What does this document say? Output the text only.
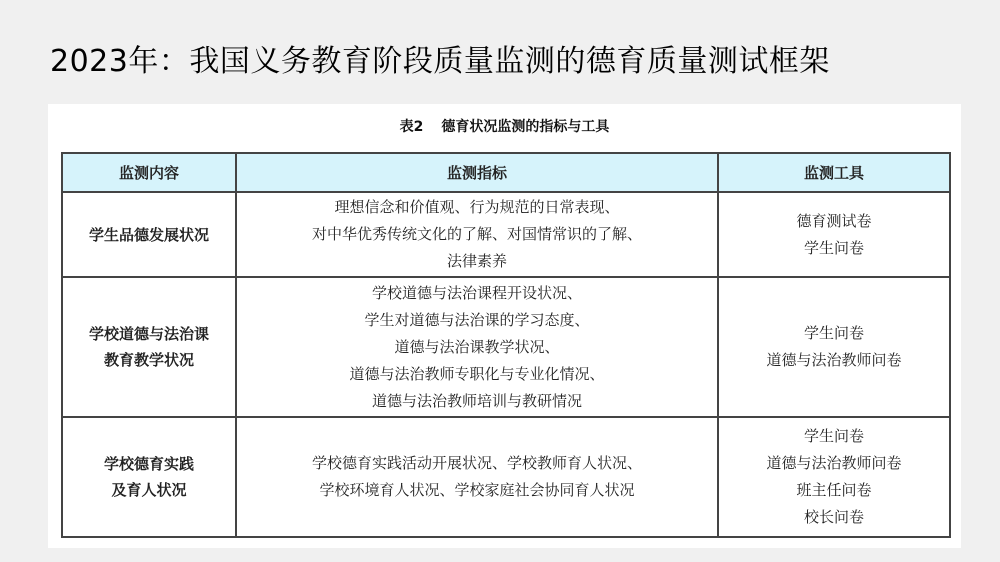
2023年：我国义务教育阶段质量监测的德育质量测试框架
表2 德育状况监测的指标与工具
监测内容	监测指标	监测工具

学生品德发展状况	理想信念和价值观、行为规范的日常表现、
对中华优秀传统文化的了解、对国情常识的了解、
法律素养	德育测试卷
学生问卷

学校道德与法治课
教育教学状况	学校道德与法治课程开设状况、
学生对道德与法治课的学习态度、
道德与法治课教学状况、
道德与法治教师专职化与专业化情况、
道德与法治教师培训与教研情况	学生问卷
道德与法治教师问卷

学校德育实践
及育人状况	学校德育实践活动开展状况、学校教师育人状况、
学校环境育人状况、学校家庭社会协同育人状况	学生问卷
道德与法治教师问卷
班主任问卷
校长问卷
